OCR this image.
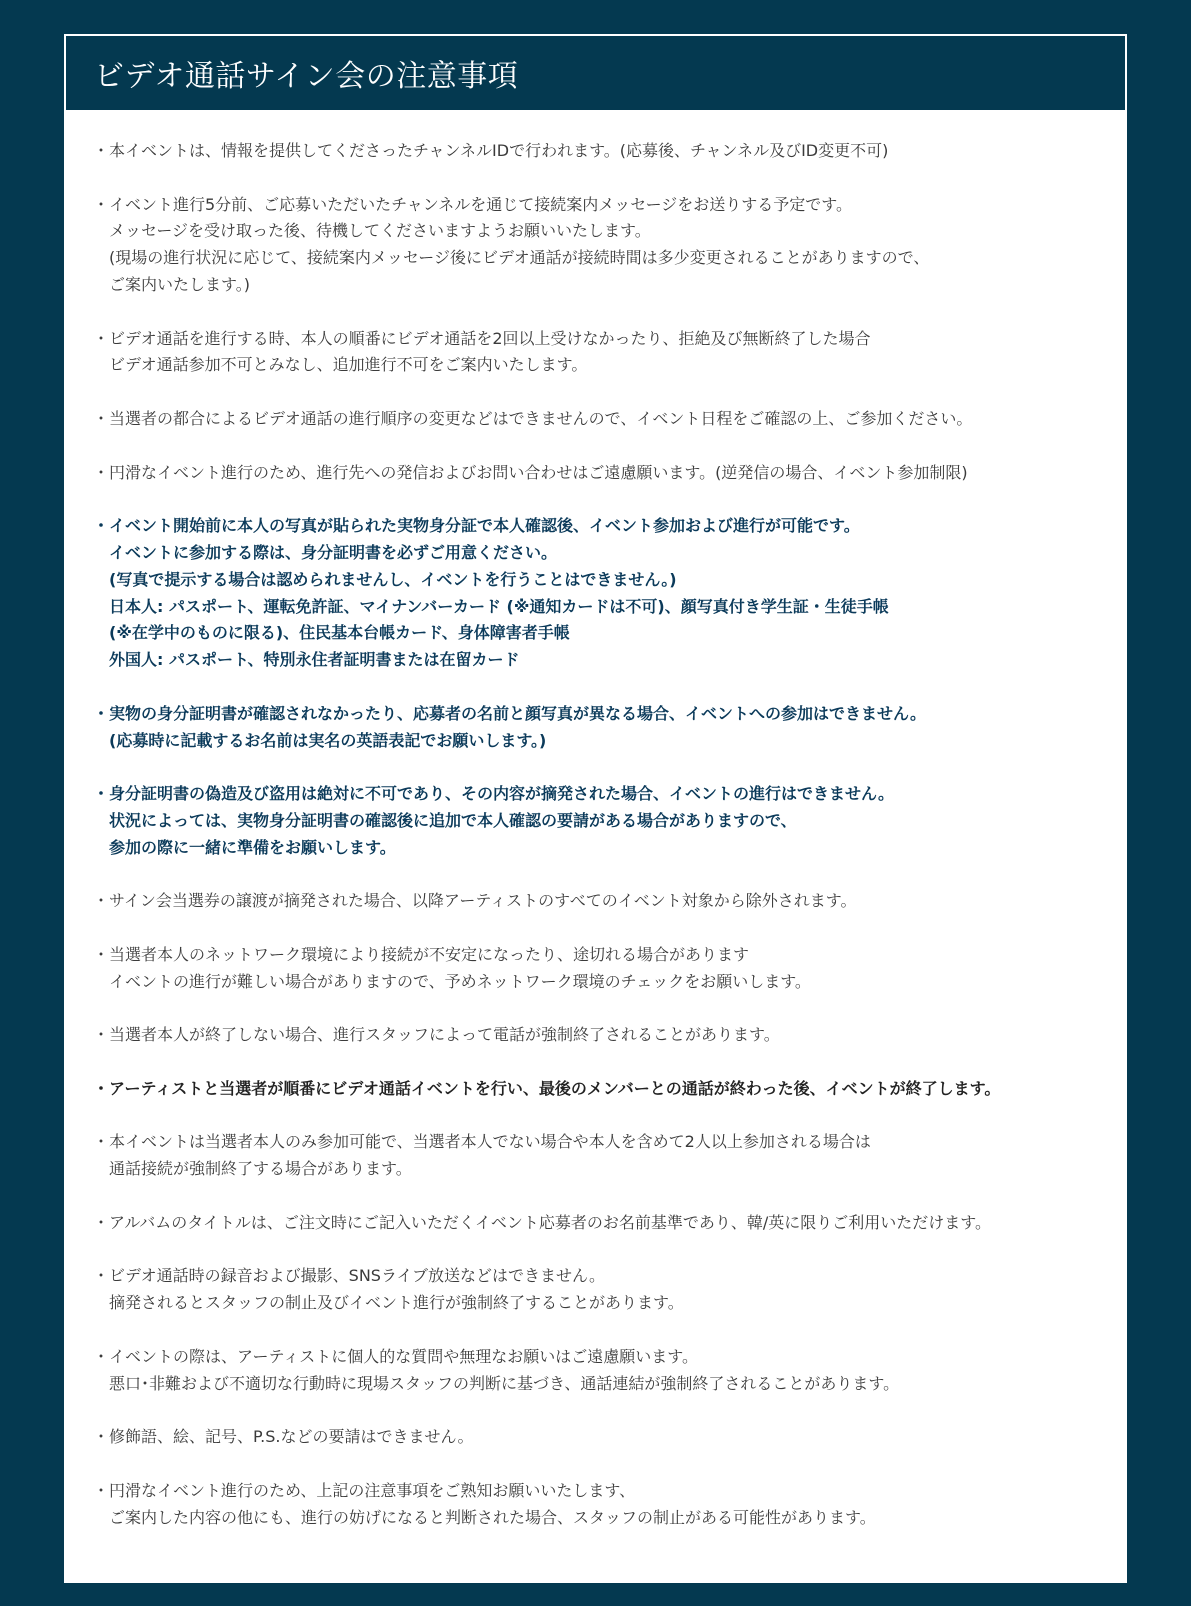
ビデオ通話サイン会の注意事項
・本イベントは、情報を提供してくださったチャンネルIDで行われます。(応募後、チャンネル及びID変更不可)
・イベント進行5分前、ご応募いただいたチャンネルを通じて接続案内メッセージをお送りする予定です。
　メッセージを受け取った後、待機してくださいますようお願いいたします。
　(現場の進行状況に応じて、接続案内メッセージ後にビデオ通話が接続時間は多少変更されることがありますので、
　ご案内いたします。)
・ビデオ通話を進行する時、本人の順番にビデオ通話を2回以上受けなかったり、拒絶及び無断終了した場合
　ビデオ通話参加不可とみなし、追加進行不可をご案内いたします。
・当選者の都合によるビデオ通話の進行順序の変更などはできませんので、イベント日程をご確認の上、ご参加ください。
・円滑なイベント進行のため、進行先への発信およびお問い合わせはご遠慮願います。(逆発信の場合、イベント参加制限)
・イベント開始前に本人の写真が貼られた実物身分証で本人確認後、イベント参加および進行が可能です。
　イベントに参加する際は、身分証明書を必ずご用意ください。
　(写真で提示する場合は認められませんし、イベントを行うことはできません。)
　日本人: パスポート、運転免許証、マイナンバーカード (※通知カードは不可)、顔写真付き学生証・生徒手帳
　(※在学中のものに限る)、住民基本台帳カード、身体障害者手帳
　外国人: パスポート、特別永住者証明書または在留カード
・実物の身分証明書が確認されなかったり、応募者の名前と顔写真が異なる場合、イベントへの参加はできません。
　(応募時に記載するお名前は実名の英語表記でお願いします。)
・身分証明書の偽造及び盗用は絶対に不可であり、その内容が摘発された場合、イベントの進行はできません。
　状況によっては、実物身分証明書の確認後に追加で本人確認の要請がある場合がありますので、
　参加の際に一緒に準備をお願いします。
・サイン会当選券の譲渡が摘発された場合、以降アーティストのすべてのイベント対象から除外されます。
・当選者本人のネットワーク環境により接続が不安定になったり、途切れる場合があります
　イベントの進行が難しい場合がありますので、予めネットワーク環境のチェックをお願いします。
・当選者本人が終了しない場合、進行スタッフによって電話が強制終了されることがあります。
・アーティストと当選者が順番にビデオ通話イベントを行い、最後のメンバーとの通話が終わった後、イベントが終了します。
・本イベントは当選者本人のみ参加可能で、当選者本人でない場合や本人を含めて2人以上参加される場合は
　通話接続が強制終了する場合があります。
・アルバムのタイトルは、ご注文時にご記入いただくイベント応募者のお名前基準であり、韓/英に限りご利用いただけます。
・ビデオ通話時の録音および撮影、SNSライブ放送などはできません。
　摘発されるとスタッフの制止及びイベント進行が強制終了することがあります。
・イベントの際は、アーティストに個人的な質問や無理なお願いはご遠慮願います。
　悪口･非難および不適切な行動時に現場スタッフの判断に基づき、通話連結が強制終了されることがあります。
・修飾語、絵、記号、P.S.などの要請はできません。
・円滑なイベント進行のため、上記の注意事項をご熟知お願いいたします、
　ご案内した内容の他にも、進行の妨げになると判断された場合、スタッフの制止がある可能性があります。
